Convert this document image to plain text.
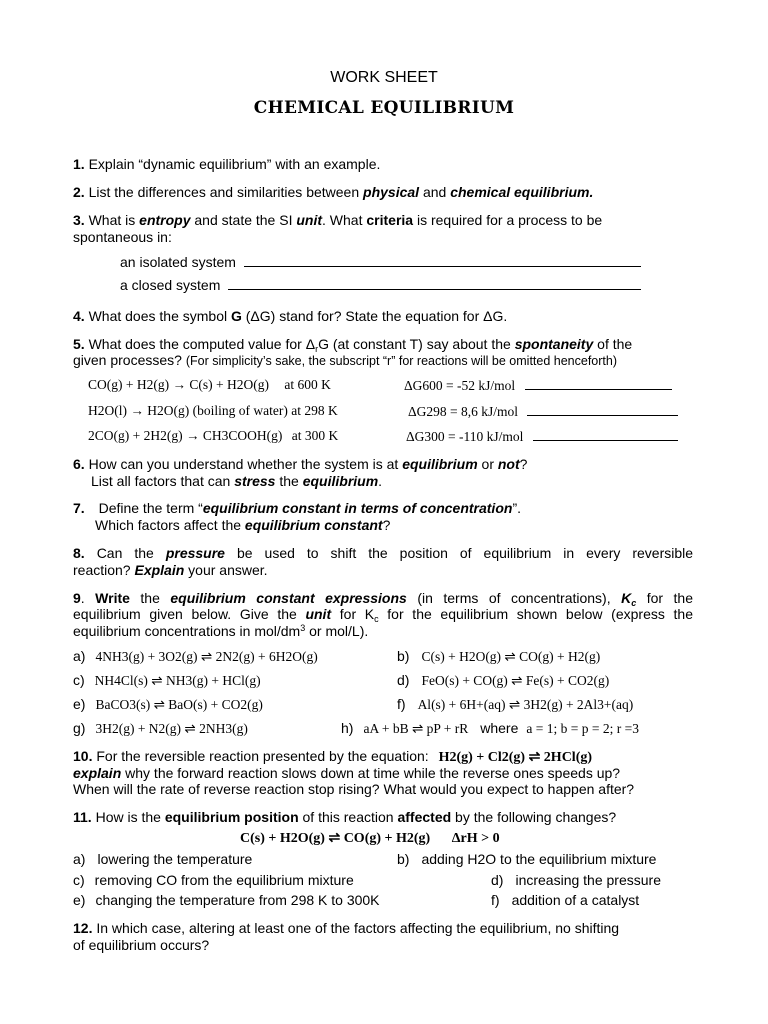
WORK SHEET
CHEMICAL EQUILIBRIUM
1. Explain “dynamic equilibrium” with an example.
2. List the differences and similarities between physical and chemical equilibrium.
3. What is entropy and state the SI unit. What criteria is required for a process to be
spontaneous in:
an isolated system
a closed system
4. What does the symbol G (ΔG) stand for? State the equation for ΔG.
5. What does the computed value for $\Delta_rG$ (at constant T) say about the spontaneity of the
given processes? (For simplicity’s sake, the subscript “r” for reactions will be omitted henceforth)
CO(g) + H2(g) → C(s) + H2O(g) at 600 K	ΔG600 = -52 kJ/mol
H2O(l) → H2O(g) (boiling of water) at 298 K	ΔG298 = 8,6 kJ/mol
2CO(g) + 2H2(g) → CH3COOH(g) at 300 K	ΔG300 = -110 kJ/mol
6. How can you understand whether the system is at equilibrium or not?
List all factors that can stress the equilibrium.
7. Define the term “equilibrium constant in terms of concentration”.
Which factors affect the equilibrium constant?
8. Can the pressure be used to shift the position of equilibrium in every reversible
reaction? Explain your answer.
9. Write the equilibrium constant expressions (in terms of concentrations), $K_c$ for the
equilibrium given below. Give the unit for $K_c$ for the equilibrium shown below (express the
equilibrium concentrations in mol/$dm^3$ or mol/L).
a) 4NH3(g) + 3O2(g) ⇌ 2N2(g) + 6H2O(g)	b) C(s) + H2O(g) ⇌ CO(g) + H2(g)
c) NH4Cl(s) ⇌ NH3(g) + HCl(g)	d) FeO(s) + CO(g) ⇌ Fe(s) + CO2(g)
e) BaCO3(s) ⇌ BaO(s) + CO2(g)	f) Al(s) + 6H+(aq) ⇌ 3H2(g) + 2Al3+(aq)
g) 3H2(g) + N2(g) ⇌ 2NH3(g)	h) aA + bB ⇌ pP + rR where a = 1; b = p = 2; r =3
10. For the reversible reaction presented by the equation: H2(g) + Cl2(g) ⇌ 2HCl(g)
explain why the forward reaction slows down at time while the reverse ones speeds up?
When will the rate of reverse reaction stop rising? What would you expect to happen after?
11. How is the equilibrium position of this reaction affected by the following changes?
C(s) + H2O(g) ⇌ CO(g) + H2(g) ΔrH > 0
a) lowering the temperature	b) adding H2O to the equilibrium mixture
c) removing CO from the equilibrium mixture	d) increasing the pressure
e) changing the temperature from 298 K to 300K	f) addition of a catalyst
12. In which case, altering at least one of the factors affecting the equilibrium, no shifting
of equilibrium occurs?
